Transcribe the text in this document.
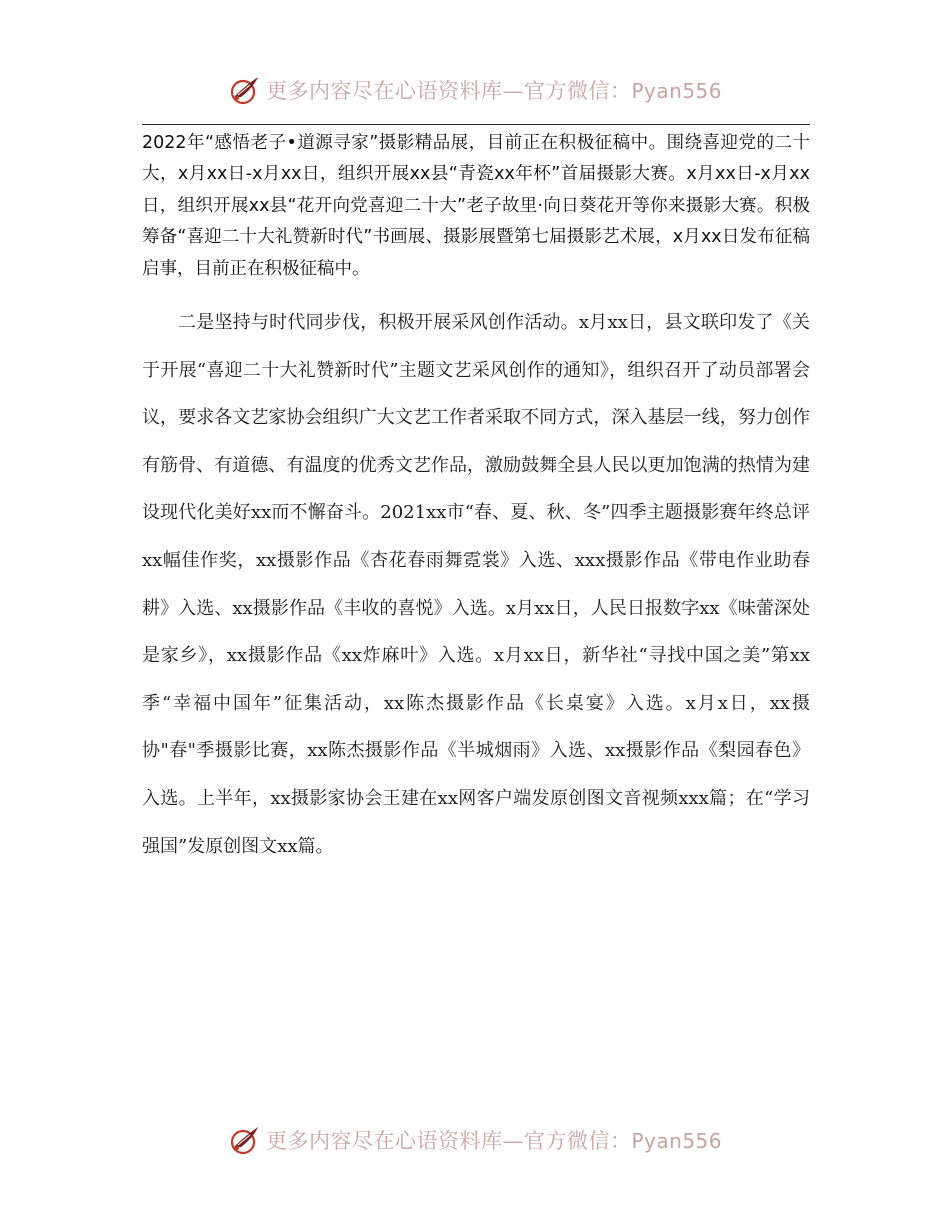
更多内容尽在心语资料库—官方微信：Pyan556

2022年“感悟老子•道源寻家”摄影精品展，目前正在积极征稿中。围绕喜迎党的二十大，x月xx日-x月xx日，组织开展xx县“青瓷xx年杯”首届摄影大赛。x月xx日-x月xx日，组织开展xx县“花开向党喜迎二十大”老子故里·向日葵花开等你来摄影大赛。积极筹备“喜迎二十大礼赞新时代”书画展、摄影展暨第七届摄影艺术展，x月xx日发布征稿启事，目前正在积极征稿中。

二是坚持与时代同步伐，积极开展采风创作活动。x月xx日，县文联印发了《关于开展“喜迎二十大礼赞新时代”主题文艺采风创作的通知》，组织召开了动员部署会议，要求各文艺家协会组织广大文艺工作者采取不同方式，深入基层一线，努力创作有筋骨、有道德、有温度的优秀文艺作品，激励鼓舞全县人民以更加饱满的热情为建设现代化美好xx而不懈奋斗。2021xx市“春、夏、秋、冬”四季主题摄影赛年终总评xx幅佳作奖，xx摄影作品《杏花春雨舞霓裳》入选、xxx摄影作品《带电作业助春耕》入选、xx摄影作品《丰收的喜悦》入选。x月xx日，人民日报数字xx《味蕾深处是家乡》，xx摄影作品《xx炸麻叶》入选。x月xx日，新华社“寻找中国之美”第xx季“幸福中国年”征集活动，xx陈杰摄影作品《长桌宴》入选。x月x日，xx摄协"春"季摄影比赛，xx陈杰摄影作品《半城烟雨》入选、xx摄影作品《梨园春色》入选。上半年，xx摄影家协会王建在xx网客户端发原创图文音视频xxx篇；在“学习强国”发原创图文xx篇。

更多内容尽在心语资料库—官方微信：Pyan556
